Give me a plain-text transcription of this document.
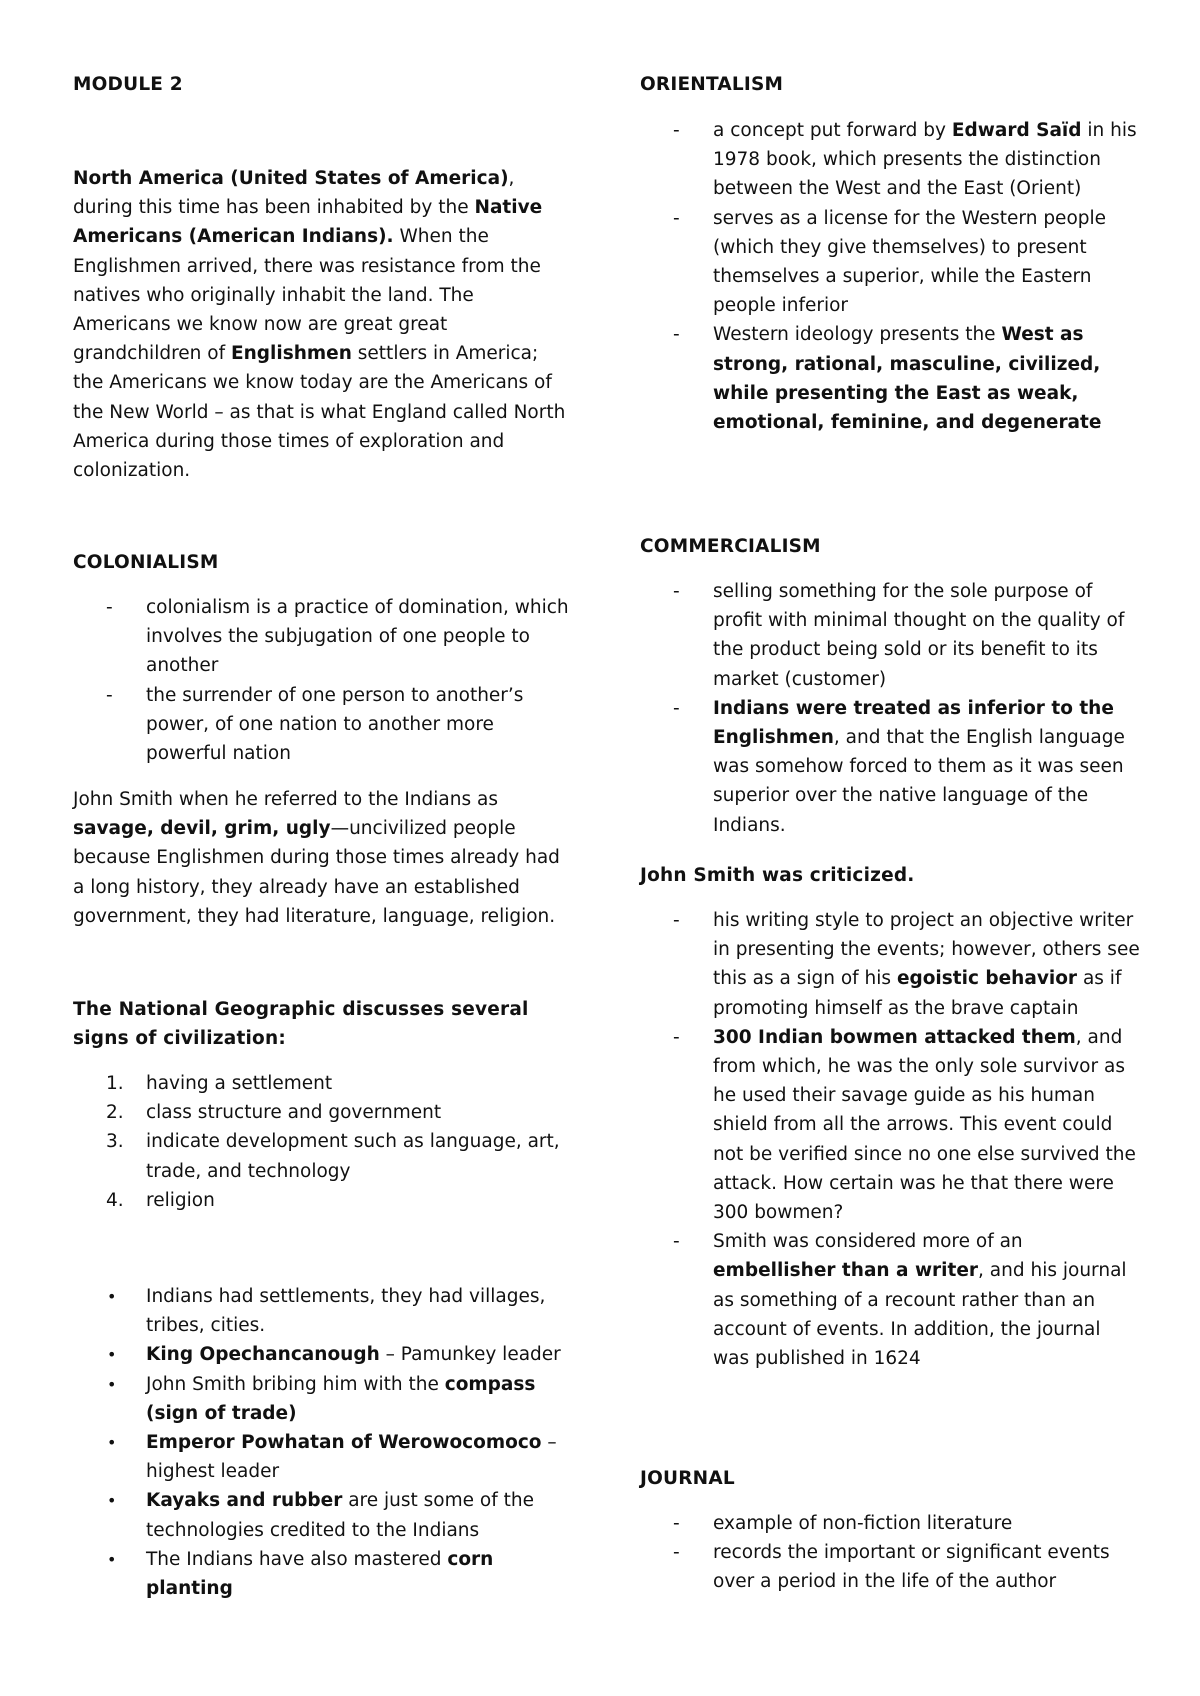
MODULE 2

North America (United States of America), during this time has been inhabited by the Native Americans (American Indians). When the Englishmen arrived, there was resistance from the natives who originally inhabit the land. The Americans we know now are great great grandchildren of Englishmen settlers in America; the Americans we know today are the Americans of the New World – as that is what England called North America during those times of exploration and colonization.

COLONIALISM
-	colonialism is a practice of domination, which involves the subjugation of one people to another
-	the surrender of one person to another’s power, of one nation to another more powerful nation

John Smith when he referred to the Indians as savage, devil, grim, ugly—uncivilized people because Englishmen during those times already had a long history, they already have an established government, they had literature, language, religion.

The National Geographic discusses several signs of civilization:
1.	having a settlement
2.	class structure and government
3.	indicate development such as language, art, trade, and technology
4.	religion
•	Indians had settlements, they had villages, tribes, cities.
•	King Opechancanough – Pamunkey leader
•	John Smith bribing him with the compass (sign of trade)
•	Emperor Powhatan of Werowocomoco – highest leader
•	Kayaks and rubber are just some of the technologies credited to the Indians
•	The Indians have also mastered corn planting
ORIENTALISM
-	a concept put forward by Edward Saïd in his 1978 book, which presents the distinction between the West and the East (Orient)
-	serves as a license for the Western people (which they give themselves) to present themselves a superior, while the Eastern people inferior
-	Western ideology presents the West as strong, rational, masculine, civilized, while presenting the East as weak, emotional, feminine, and degenerate
COMMERCIALISM
-	selling something for the sole purpose of profit with minimal thought on the quality of the product being sold or its benefit to its market (customer)
-	Indians were treated as inferior to the Englishmen, and that the English language was somehow forced to them as it was seen superior over the native language of the Indians.
John Smith was criticized.
-	his writing style to project an objective writer in presenting the events; however, others see this as a sign of his egoistic behavior as if promoting himself as the brave captain
-	300 Indian bowmen attacked them, and from which, he was the only sole survivor as he used their savage guide as his human shield from all the arrows. This event could not be verified since no one else survived the attack. How certain was he that there were 300 bowmen?
-	Smith was considered more of an embellisher than a writer, and his journal as something of a recount rather than an account of events. In addition, the journal was published in 1624
JOURNAL
-	example of non-fiction literature
-	records the important or significant events over a period in the life of the author
